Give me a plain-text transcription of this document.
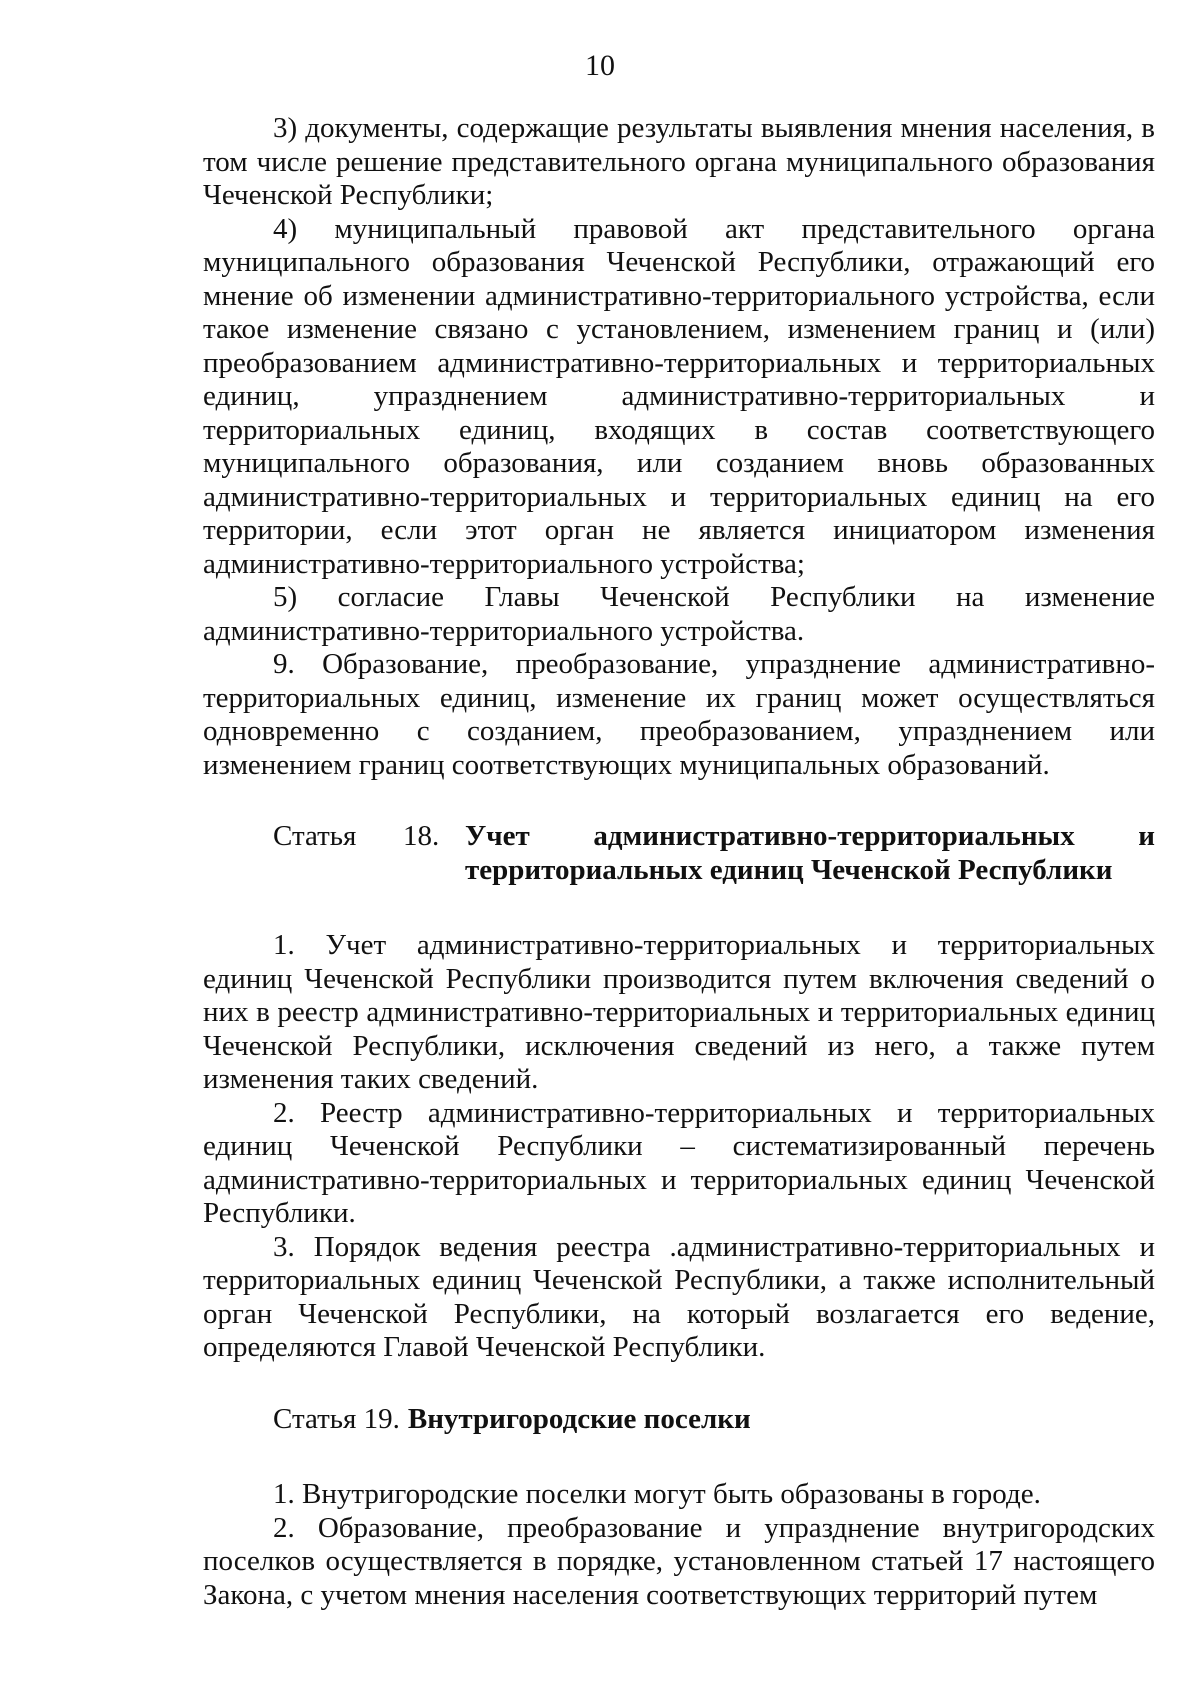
10

3) документы, содержащие результаты выявления мнения населения, в том числе решение представительного органа муниципального образования Чеченской Республики;

4) муниципальный правовой акт представительного органа муниципального образования Чеченской Республики, отражающий его мнение об изменении административно-территориального устройства, если такое изменение связано с установлением, изменением границ и (или) преобразованием административно-территориальных и территориальных единиц, упразднением административно-территориальных и территориальных единиц, входящих в состав соответствующего муниципального образования, или созданием вновь образованных административно-территориальных и территориальных единиц на его территории, если этот орган не является инициатором изменения административно-территориального устройства;

5) согласие Главы Чеченской Республики на изменение административно-территориального устройства.

9. Образование, преобразование, упразднение административно-территориальных единиц, изменение их границ может осуществляться одновременно с созданием, преобразованием, упразднением или изменением границ соответствующих муниципальных образований.

Статья 18. Учет административно-территориальных и
территориальных единиц Чеченской Республики

1. Учет административно-территориальных и территориальных единиц Чеченской Республики производится путем включения сведений о них в реестр административно-территориальных и территориальных единиц Чеченской Республики, исключения сведений из него, а также путем изменения таких сведений.

2. Реестр административно-территориальных и территориальных единиц Чеченской Республики – систематизированный перечень административно-территориальных и территориальных единиц Чеченской Республики.

3. Порядок ведения реестра .административно-территориальных и территориальных единиц Чеченской Республики, а также исполнительный орган Чеченской Республики, на который возлагается его ведение, определяются Главой Чеченской Республики.

Статья 19. Внутригородские поселки

1. Внутригородские поселки могут быть образованы в городе.

2. Образование, преобразование и упразднение внутригородских поселков осуществляется в порядке, установленном статьей 17 настоящего Закона, с учетом мнения населения соответствующих территорий путем
